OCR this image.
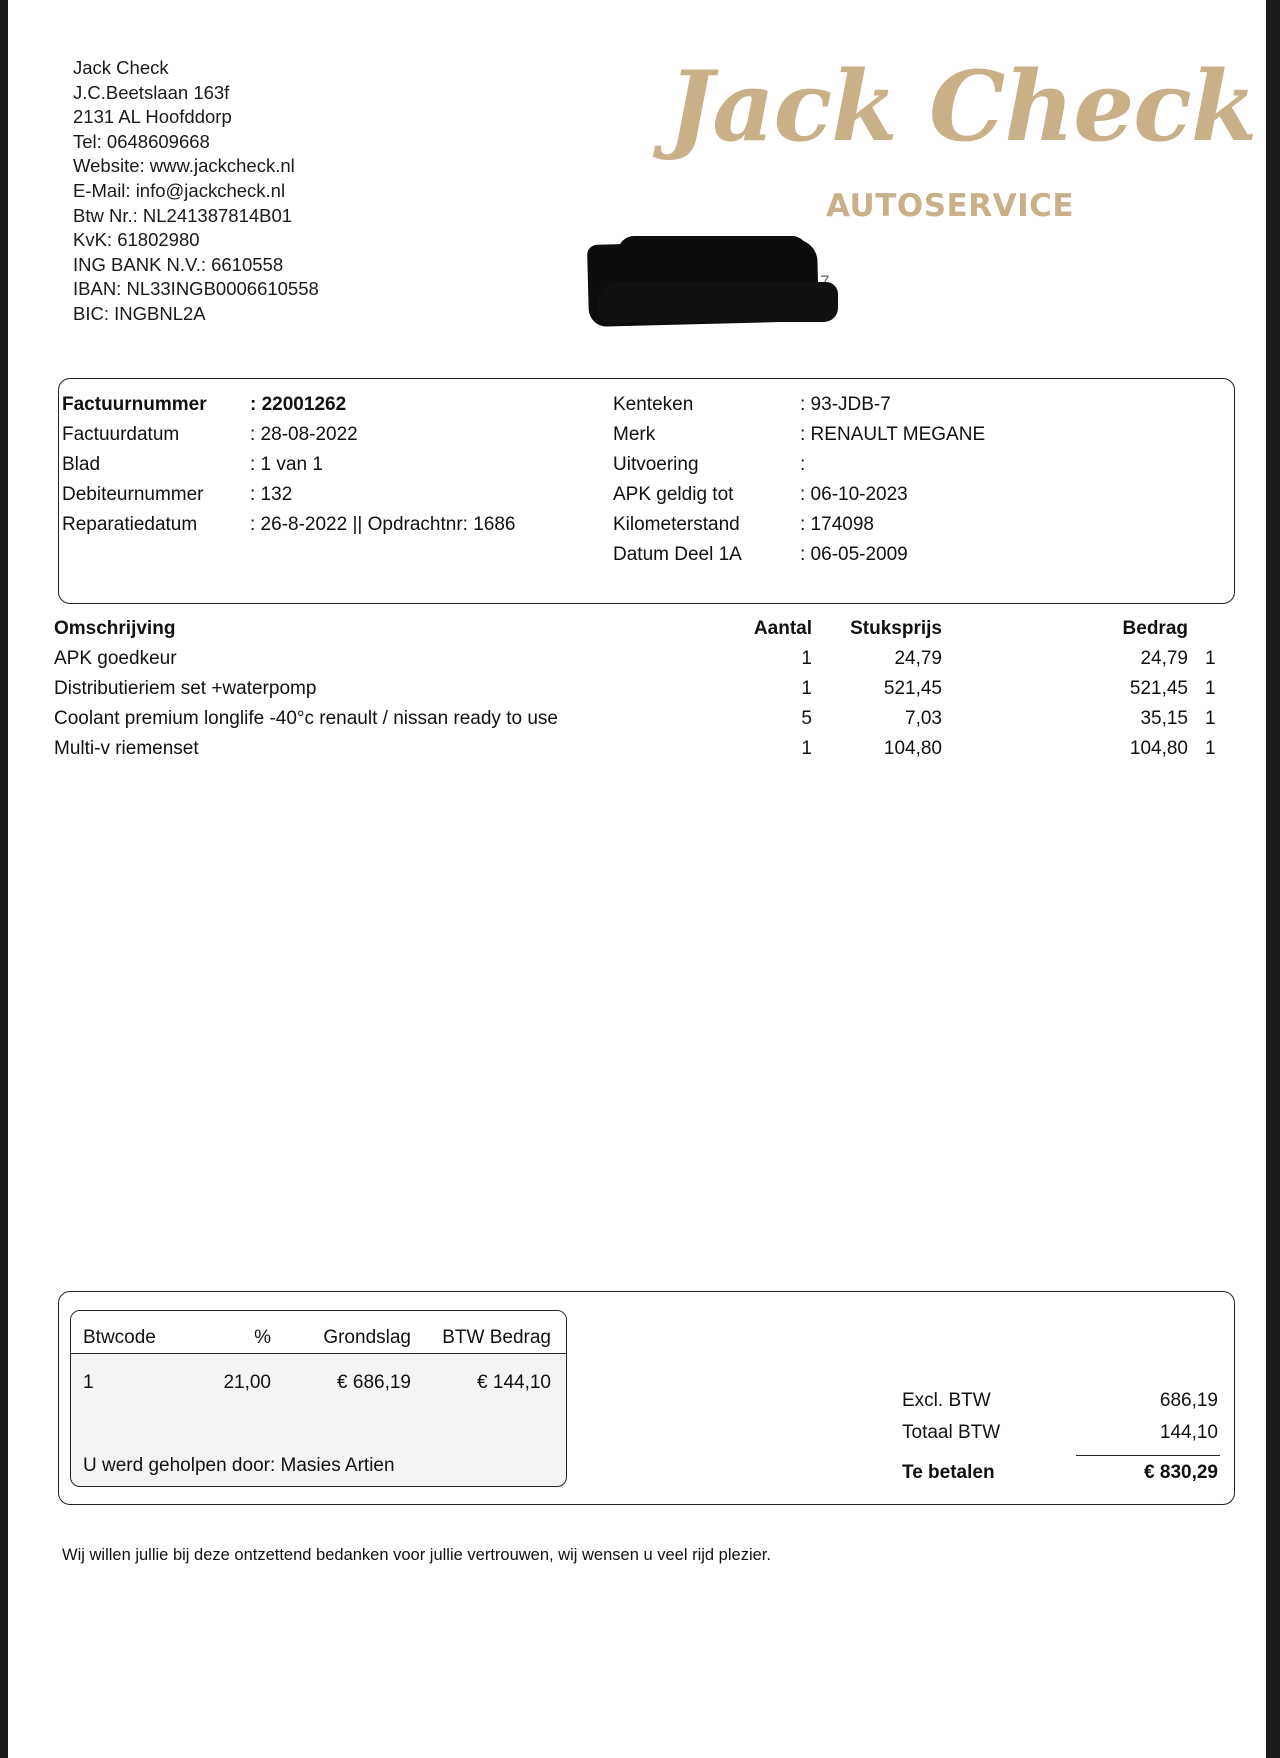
Jack Check
J.C.Beetslaan 163f
2131 AL Hoofddorp
Tel: 0648609668
Website: www.jackcheck.nl
E-Mail: info@jackcheck.nl
Btw Nr.: NL241387814B01
KvK: 61802980
ING BANK N.V.: 6610558
IBAN: NL33INGB0006610558
BIC: INGBNL2A
Jack Check
AUTOSERVICE
Factuurnummer : 22001262
Factuurdatum	: 28-08-2022
Blad	: 1 van 1
Debiteurnummer : 132
Reparatiedatum	: 26-8-2022 || Opdrachtnr: 1686
Kenteken	: 93-JDB-7
Merk	: RENAULT MEGANE
Uitvoering	:
APK geldig tot	: 06-10-2023
Kilometerstand	: 174098
Datum Deel 1A	: 06-05-2009
Omschrijving	Aantal	Stuksprijs	Bedrag
APK goedkeur	1	24,79	24,79 1
Distributieriem set +waterpomp	1	521,45	521,45 1
Coolant premium longlife -40°c renault / nissan ready to use	5	7,03	35,15 1
Multi-v riemenset	1	104,80	104,80 1
Btwcode	%	Grondslag	BTW Bedrag
1	21,00	€ 686,19	€ 144,10
U werd geholpen door: Masies Artien
Excl. BTW	686,19
Totaal BTW	144,10
Te betalen	€ 830,29
Wij willen jullie bij deze ontzettend bedanken voor jullie vertrouwen, wij wensen u veel rijd plezier.
